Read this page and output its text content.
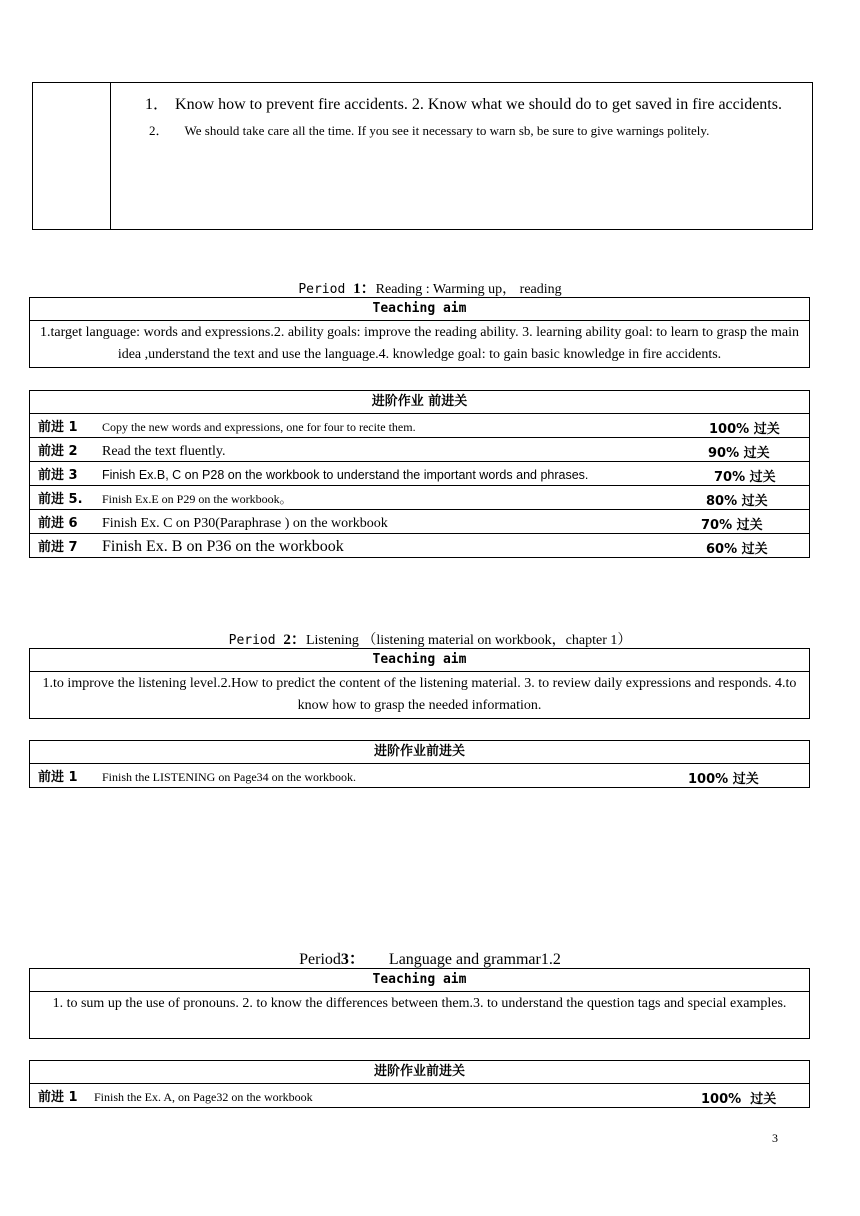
1． Know how to prevent fire accidents. 2. Know what we should do to get saved in fire accidents.
2． We should take care all the time. If you see it necessary to warn sb, be sure to give warnings politely.
Period 1：Reading : Warming up， reading
Teaching aim
1.target language: words and expressions.2. ability goals: improve the reading ability. 3. learning ability goal: to learn to grasp the main idea ,understand the text and use the language.4. knowledge goal: to gain basic knowledge in fire accidents.
进阶作业 前进关
前进 1 Copy the new words and expressions, one for four to recite them.	100% 过关

前进 2 Read the text fluently.	90% 过关

前进 3 Finish Ex.B, C on P28 on the workbook to understand the important words and phrases.	70% 过关

前进 5. Finish Ex.E on P29 on the workbook。	80% 过关

前进 6 Finish Ex. C on P30(Paraphrase ) on the workbook	70% 过关

前进 7 Finish Ex. B on P36 on the workbook	60% 过关
Period 2：Listening （listening material on workbook，chapter 1）
Teaching aim
1.to improve the listening level.2.How to predict the content of the listening material. 3. to review daily expressions and responds. 4.to know how to grasp the needed information.
进阶作业前进关
前进 1 Finish the LISTENING on Page34 on the workbook.	100% 过关
Period3： Language and grammar1.2
Teaching aim
1. to sum up the use of pronouns. 2. to know the differences between them.3. to understand the question tags and special examples.
进阶作业前进关
前进 1 Finish the Ex. A, on Page32 on the workbook	100%  过关
3
